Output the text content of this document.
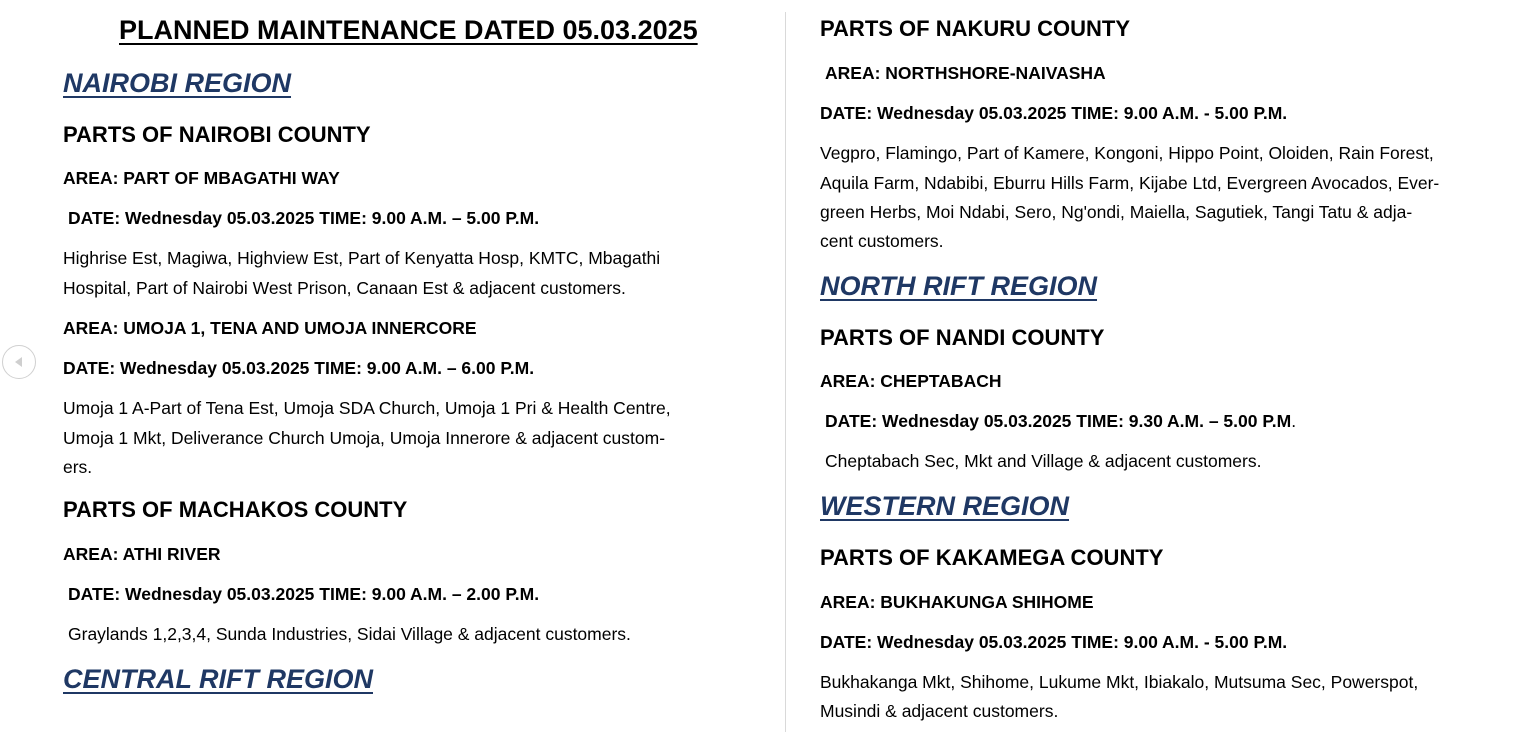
PLANNED MAINTENANCE DATED 05.03.2025
NAIROBI REGION
PARTS OF NAIROBI COUNTY
AREA: PART OF MBAGATHI WAY
DATE: Wednesday 05.03.2025 TIME: 9.00 A.M. – 5.00 P.M.
Highrise Est, Magiwa, Highview Est, Part of Kenyatta Hosp, KMTC, Mbagathi
Hospital, Part of Nairobi West Prison, Canaan Est & adjacent customers.
AREA: UMOJA 1, TENA AND UMOJA INNERCORE
DATE: Wednesday 05.03.2025 TIME: 9.00 A.M. – 6.00 P.M.
Umoja 1 A-Part of Tena Est, Umoja SDA Church, Umoja 1 Pri & Health Centre,
Umoja 1 Mkt, Deliverance Church Umoja, Umoja Innerore & adjacent custom-
ers.
PARTS OF MACHAKOS COUNTY
AREA: ATHI RIVER
DATE: Wednesday 05.03.2025 TIME: 9.00 A.M. – 2.00 P.M.
Graylands 1,2,3,4, Sunda Industries, Sidai Village & adjacent customers.
CENTRAL RIFT REGION
PARTS OF NAKURU COUNTY
AREA: NORTHSHORE-NAIVASHA
DATE: Wednesday 05.03.2025 TIME: 9.00 A.M. - 5.00 P.M.
Vegpro, Flamingo, Part of Kamere, Kongoni, Hippo Point, Oloiden, Rain Forest,
Aquila Farm, Ndabibi, Eburru Hills Farm, Kijabe Ltd, Evergreen Avocados, Ever-
green Herbs, Moi Ndabi, Sero, Ng'ondi, Maiella, Sagutiek, Tangi Tatu & adja-
cent customers.
NORTH RIFT REGION
PARTS OF NANDI COUNTY
AREA: CHEPTABACH
DATE: Wednesday 05.03.2025 TIME: 9.30 A.M. – 5.00 P.M.
Cheptabach Sec, Mkt and Village & adjacent customers.
WESTERN REGION
PARTS OF KAKAMEGA COUNTY
AREA: BUKHAKUNGA SHIHOME
DATE: Wednesday 05.03.2025 TIME: 9.00 A.M. - 5.00 P.M.
Bukhakanga Mkt, Shihome, Lukume Mkt, Ibiakalo, Mutsuma Sec, Powerspot,
Musindi & adjacent customers.
